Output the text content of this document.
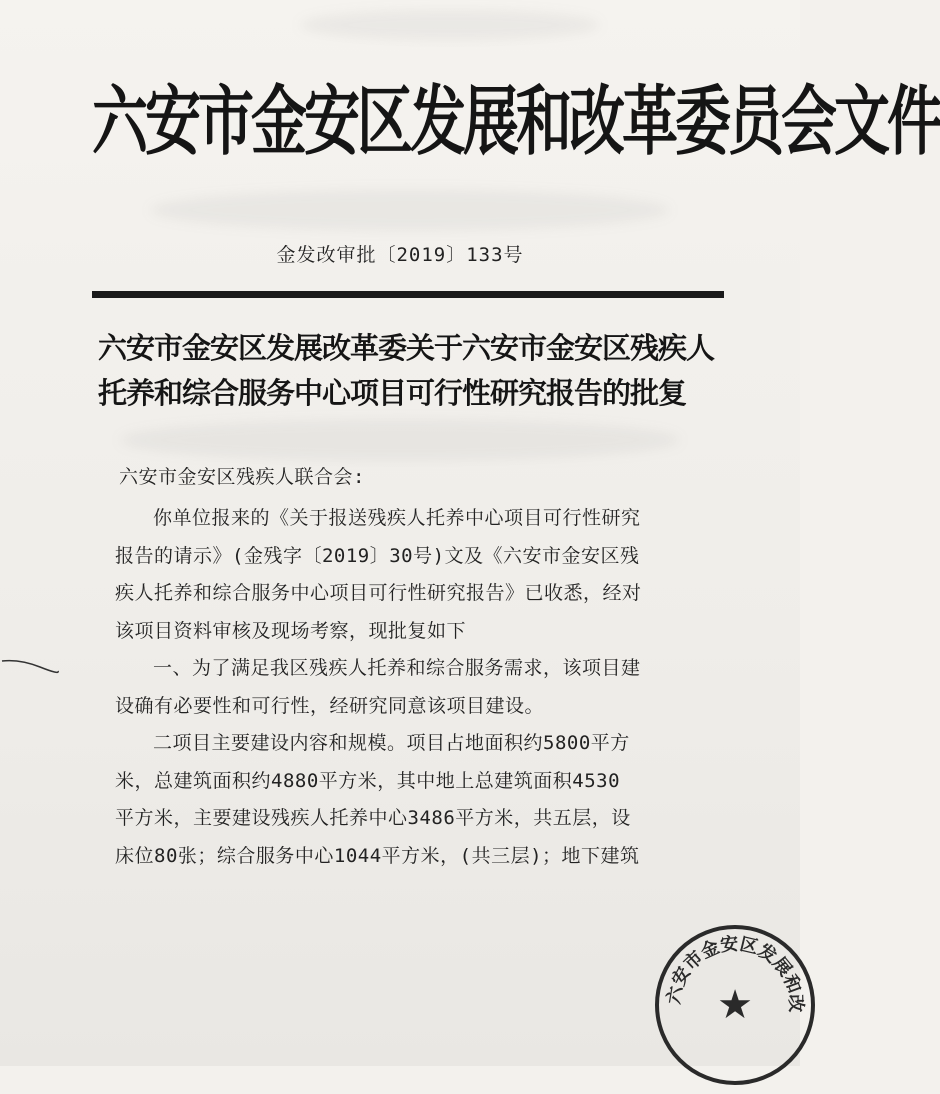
六安市金安区发展和改革委员会文件
金发改审批〔2019〕133号
六安市金安区发展改革委关于六安市金安区残疾人
托养和综合服务中心项目可行性研究报告的批复
六安市金安区残疾人联合会:
你单位报来的《关于报送残疾人托养中心项目可行性研究
报告的请示》(金残字〔2019〕30号)文及《六安市金安区残
疾人托养和综合服务中心项目可行性研究报告》已收悉，经对
该项目资料审核及现场考察，现批复如下
一、为了满足我区残疾人托养和综合服务需求，该项目建
设确有必要性和可行性，经研究同意该项目建设。
二项目主要建设内容和规模。项目占地面积约5800平方
米，总建筑面积约4880平方米，其中地上总建筑面积4530
平方米，主要建设残疾人托养中心3486平方米，共五层，设
床位80张；综合服务中心1044平方米，(共三层)；地下建筑
六安市金安区发展和改
★
